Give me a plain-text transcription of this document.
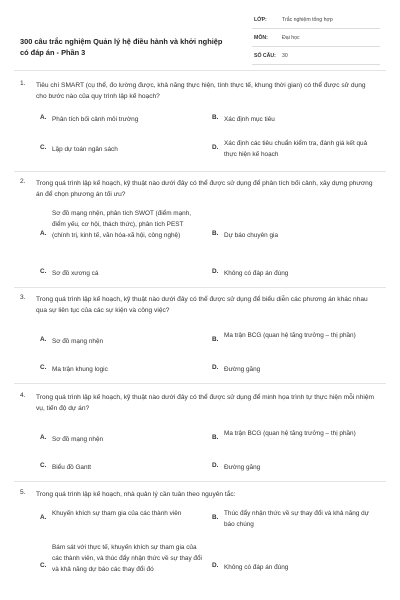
300 câu trắc nghiệm Quản lý hệ điều hành và khởi nghiệp có đáp án - Phần 3
LỚP:	Trắc nghiệm tổng hợp
MÔN:	Đại học
SỐ CÂU: 30
1. Tiêu chí SMART (cụ thể, đo lường được, khả năng thực hiện, tính thực tế, khung thời gian) có thể được sử dụng cho bước nào của quy trình lập kế hoạch?
A. Phân tích bối cảnh môi trường	B. Xác định mục tiêu
C. Lập dự toán ngân sách	D.
Xác định các tiêu chuẩn kiểm tra, đánh giá kết quả thực hiện kế hoạch
2. Trong quá trình lập kế hoạch, kỹ thuật nào dưới đây có thể được sử dụng để phân tích bối cảnh, xây dựng phương án để chọn phương án tối ưu?
A.
Sơ đồ mạng nhện, phân tích SWOT (điểm mạnh, điểm yếu, cơ hội, thách thức), phân tích PEST (chính trị, kinh tế, văn hóa-xã hội, công nghệ)	B. Dự báo chuyên gia
C. Sơ đồ xương cá	D. Không có đáp án đúng
3. Trong quá trình lập kế hoạch, kỹ thuật nào dưới đây có thể được sử dụng để biểu diễn các phương án khác nhau qua sự liên tục của các sự kiện và công việc?
A. Sơ đồ mạng nhện	B.
Ma trận BCG (quan hệ tăng trưởng – thị phần)
C. Ma trận khung logic	D. Đường găng
4. Trong quá trình lập kế hoạch, kỹ thuật nào dưới đây có thể được sử dụng để minh họa trình tự thực hiện mỗi nhiệm vụ, tiến độ dự án?
A. Sơ đồ mạng nhện	B.
Ma trận BCG (quan hệ tăng trưởng – thị phần)
C. Biểu đồ Gantt	D. Đường găng
5. Trong quá trình lập kế hoạch, nhà quản lý cần tuân theo nguyên tắc:
A.
Khuyến khích sự tham gia của các thành viên
B.
Thúc đẩy nhận thức về sự thay đổi và khả năng dự báo chúng
C.
Bám sát với thực tế, khuyến khích sự tham gia của các thành viên, và thúc đẩy nhận thức về sự thay đổi và khả năng dự báo các thay đổi đó
D. Không có đáp án đúng
